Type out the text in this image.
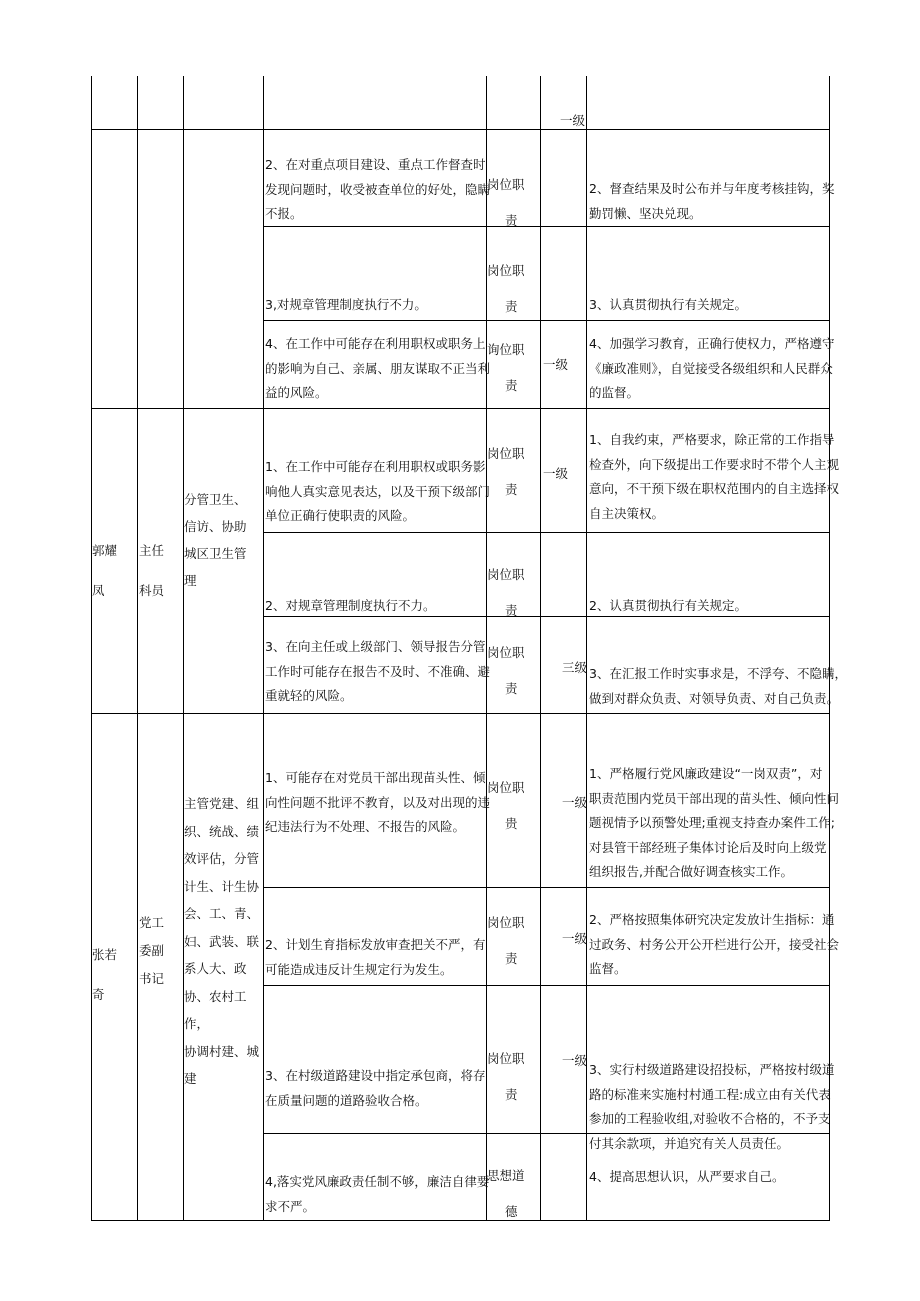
一级
2、在对重点项目建设、重点工作督查时
发现问题时，收受被查单位的好处，隐瞒
不报。
岗位职
责
2、督查结果及时公布并与年度考核挂钩，奖
勤罚懒、坚决兑现。
3,对规章管理制度执行不力。
岗位职
责	3、认真贯彻执行有关规定。
4、在工作中可能存在利用职权或职务上
的影响为自己、亲属、朋友谋取不正当利
益的风险。
询位职
责
一级
4、加强学习教育，正确行使权力，严格遵守
《廉政准则》，自觉接受各级组织和人民群众
的监督。
郭耀
凤
主任
科员
分管卫生、
信访、协助
城区卫生管
理
1、在工作中可能存在利用职权或职务影
响他人真实意见表达，以及干预下级部门
单位正确行使职责的风险。
岗位职
责
一级
1、自我约束，严格要求，除正常的工作指导
检查外，向下级提出工作要求时不带个人主观
意向，不干预下级在职权范围内的自主选择权
自主决策权。
2、对规章管理制度执行不力。
岗位职
责	2、认真贯彻执行有关规定。
3、在向主任或上级部门、领导报告分管
工作时可能存在报告不及时、不准确、避
重就轻的风险。
岗位职
责
三级 3、在汇报工作时实事求是，不浮夸、不隐瞒，
做到对群众负责、对领导负责、对自己负责。
张若
奇
党工
委副
书记
主管党建、组
织、统战、绩
效评估，分管
计生、计生协
会、工、青、
妇、武装、联
系人大、政
协、农村工
作，
协调村建、城
建
1、可能存在对党员干部出现苗头性、倾
向性问题不批评不教育，以及对出现的违
纪违法行为不处理、不报告的风险。
岗位职
贵
一级
1、严格履行党风廉政建设“一岗双责”，对
职责范围内党员干部出现的苗头性、倾向性问
题视情予以预警处理;重视支持查办案件工作;
对县管干部经班子集体讨论后及时向上级党
组织报告,并配合做好调查核实工作。
2、计划生育指标发放审查把关不严，有
可能造成违反计生规定行为发生。
岗位职
责
一级
2、严格按照集体研究决定发放计生指标：通
过政务、村务公开公开栏进行公开，接受社会
监督。
3、在村级道路建设中指定承包商，将存
在质量问题的道路验收合格。
岗位职
责
一级
3、实行村级道路建设招投标，严格按村级道
路的标准来实施村村通工程:成立由有关代表
参加的工程验收组,对验收不合格的，不予支
付其余款项，并追究有关人员责任。
4,落实党风廉政责任制不够，廉洁自律要
求不严。
思想道
德
4、提高思想认识，从严要求自己。
